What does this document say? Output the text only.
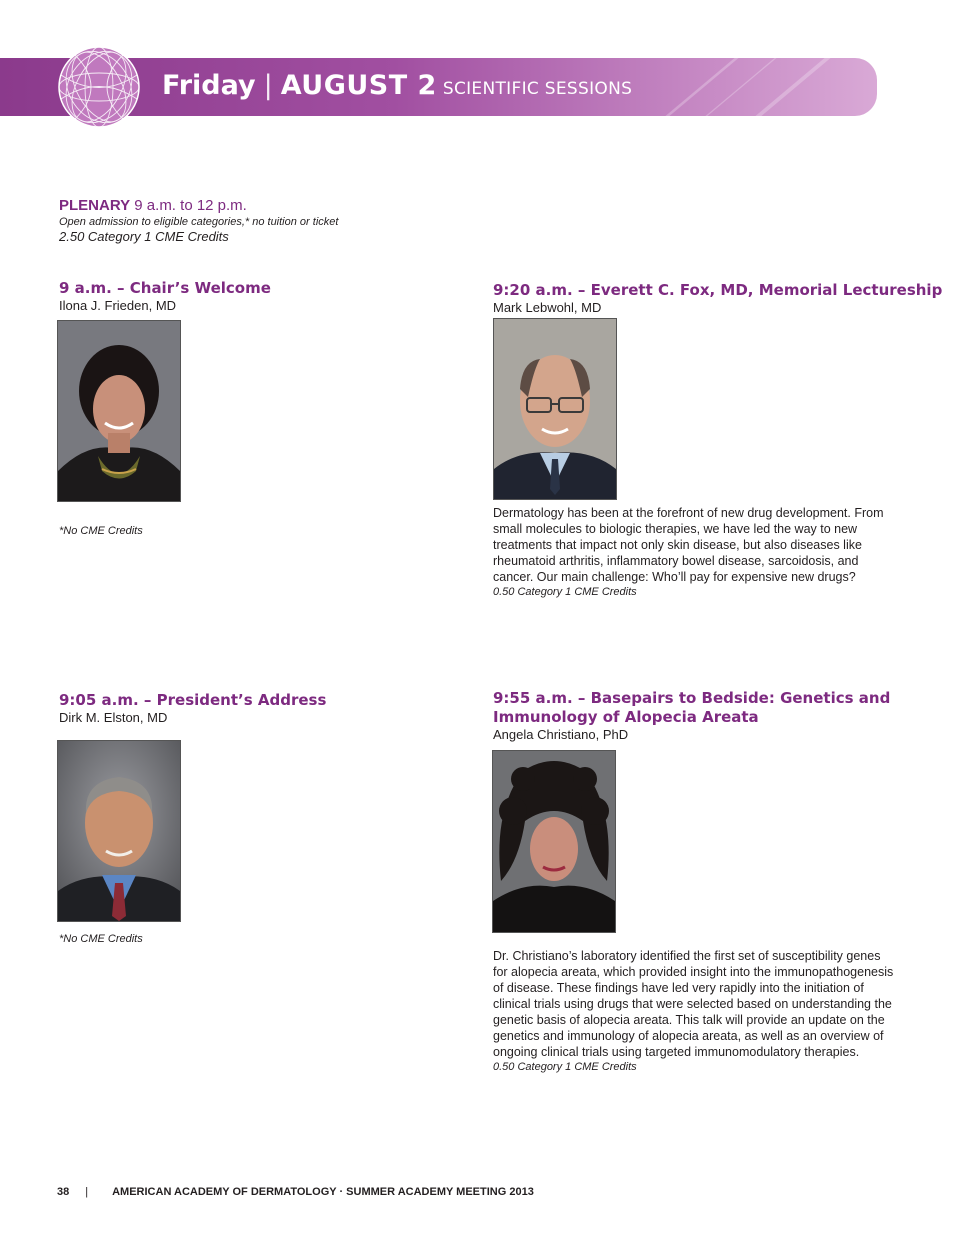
Friday | AUGUST 2 SCIENTIFIC SESSIONS
PLENARY 9 a.m. to 12 p.m.
Open admission to eligible categories,* no tuition or ticket
2.50 Category 1 CME Credits
9 a.m. – Chair’s Welcome
Ilona J. Frieden, MD
*No CME Credits
9:20 a.m. – Everett C. Fox, MD, Memorial Lectureship
Mark Lebwohl, MD
Dermatology has been at the forefront of new drug development. From small molecules to biologic therapies, we have led the way to new treatments that impact not only skin disease, but also diseases like rheumatoid arthritis, inflammatory bowel disease, sarcoidosis, and cancer. Our main challenge: Who’ll pay for expensive new drugs?
0.50 Category 1 CME Credits
9:05 a.m. – President’s Address
Dirk M. Elston, MD
*No CME Credits
9:55 a.m. – Basepairs to Bedside: Genetics and
Immunology of Alopecia Areata
Angela Christiano, PhD
Dr. Christiano’s laboratory identified the first set of susceptibility genes for alopecia areata, which provided insight into the immunopathogenesis of disease. These findings have led very rapidly into the initiation of clinical trials using drugs that were selected based on understanding the genetic basis of alopecia areata. This talk will provide an update on the genetics and immunology of alopecia areata, as well as an overview of ongoing clinical trials using targeted immunomodulatory therapies.
0.50 Category 1 CME Credits
38 | AMERICAN ACADEMY OF DERMATOLOGY · SUMMER ACADEMY MEETING 2013
